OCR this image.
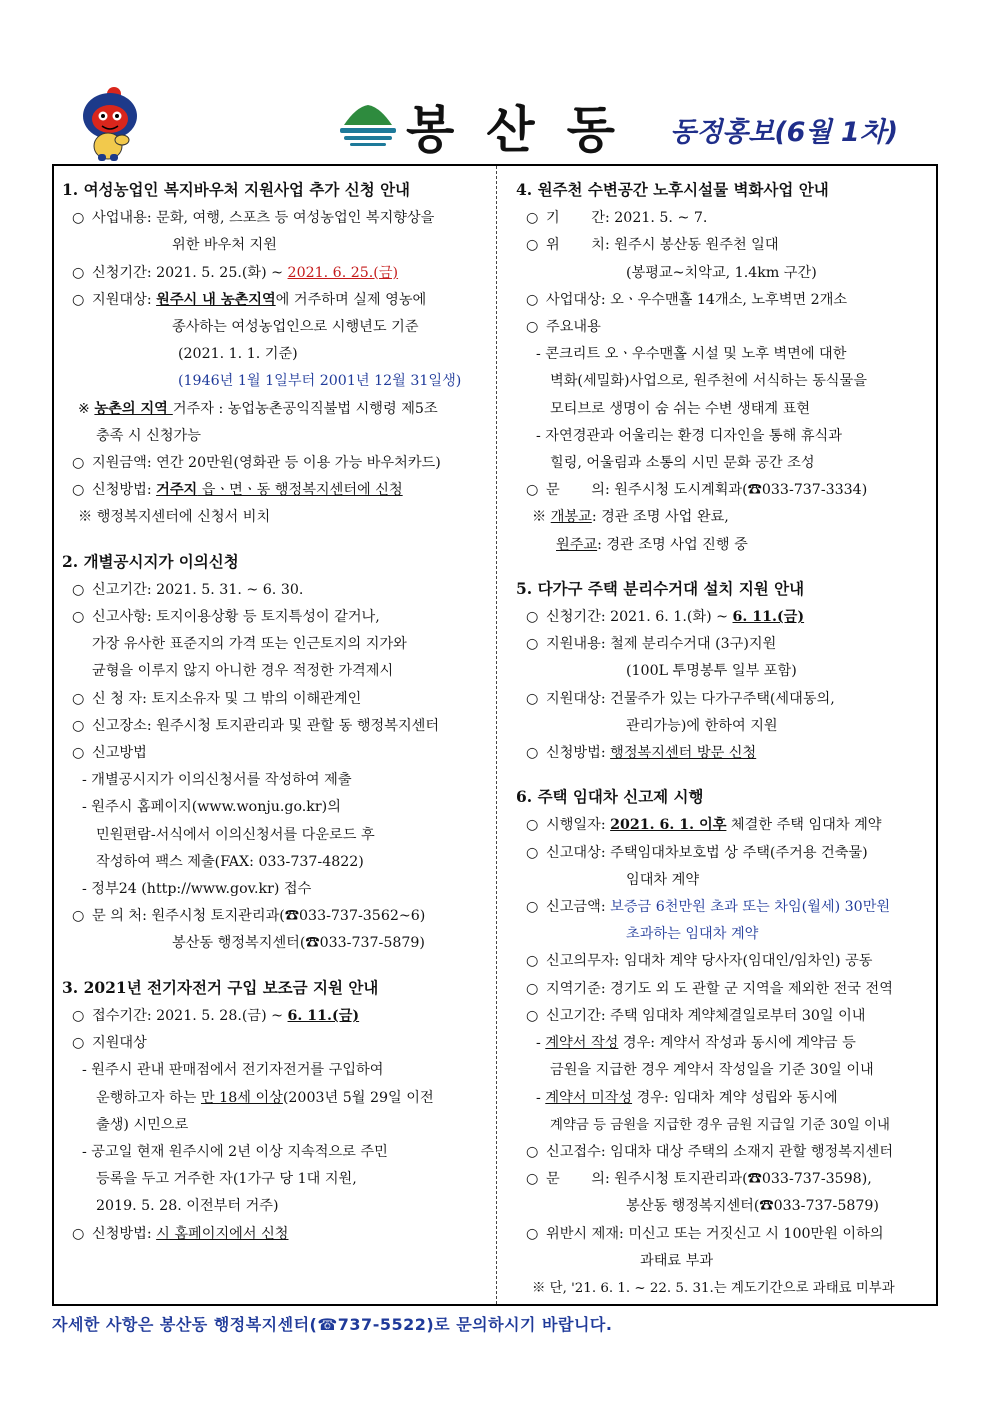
봉산동 동정홍보(6월 1차)
1. 여성농업인 복지바우처 지원사업 추가 신청 안내
○ 사업내용: 문화, 여행, 스포츠 등 여성농업인 복지향상을
위한 바우처 지원
○ 신청기간: 2021. 5. 25.(화) ~ 2021. 6. 25.(금)
○ 지원대상: 원주시 내 농촌지역에 거주하며 실제 영농에
종사하는 여성농업인으로 시행년도 기준
(2021. 1. 1. 기준)
(1946년 1월 1일부터 2001년 12월 31일생)
※ 농촌의 지역 거주자 : 농업농촌공익직불법 시행령 제5조
충족 시 신청가능
○ 지원금액: 연간 20만원(영화관 등 이용 가능 바우처카드)
○ 신청방법: 거주지 읍ㆍ면ㆍ동 행정복지센터에 신청
※ 행정복지센터에 신청서 비치
2. 개별공시지가 이의신청
○ 신고기간: 2021. 5. 31. ~ 6. 30.
○ 신고사항: 토지이용상황 등 토지특성이 같거나,
가장 유사한 표준지의 가격 또는 인근토지의 지가와
균형을 이루지 않지 아니한 경우 적정한 가격제시
○ 신 청 자: 토지소유자 및 그 밖의 이해관계인
○ 신고장소: 원주시청 토지관리과 및 관할 동 행정복지센터
○ 신고방법
- 개별공시지가 이의신청서를 작성하여 제출
- 원주시 홈페이지(www.wonju.go.kr)의
민원편람-서식에서 이의신청서를 다운로드 후
작성하여 팩스 제출(FAX: 033-737-4822)
- 정부24 (http://www.gov.kr) 접수
○ 문 의 처: 원주시청 토지관리과(☎033-737-3562~6)
봉산동 행정복지센터(☎033-737-5879)
3. 2021년 전기자전거 구입 보조금 지원 안내
○ 접수기간: 2021. 5. 28.(금) ~ 6. 11.(금)
○ 지원대상
- 원주시 관내 판매점에서 전기자전거를 구입하여
운행하고자 하는 만 18세 이상(2003년 5월 29일 이전
출생) 시민으로
- 공고일 현재 원주시에 2년 이상 지속적으로 주민
등록을 두고 거주한 자(1가구 당 1대 지원,
2019. 5. 28. 이전부터 거주)
○ 신청방법: 시 홈페이지에서 신청
4. 원주천 수변공간 노후시설물 벽화사업 안내
○ 기       간: 2021. 5. ~ 7.
○ 위       치: 원주시 봉산동 원주천 일대
(봉평교~치악교, 1.4km 구간)
○ 사업대상: 오ㆍ우수맨홀 14개소, 노후벽면 2개소
○ 주요내용
- 콘크리트 오ㆍ우수맨홀 시설 및 노후 벽면에 대한
벽화(세밀화)사업으로, 원주천에 서식하는 동식물을
모티브로 생명이 숨 쉬는 수변 생태계 표현
- 자연경관과 어울리는 환경 디자인을 통해 휴식과
힐링, 어울림과 소통의 시민 문화 공간 조성
○ 문       의: 원주시청 도시계획과(☎033-737-3334)
※ 개봉교: 경관 조명 사업 완료,
원주교: 경관 조명 사업 진행 중
5. 다가구 주택 분리수거대 설치 지원 안내
○ 신청기간: 2021. 6. 1.(화) ~ 6. 11.(금)
○ 지원내용: 철제 분리수거대 (3구)지원
(100L 투명봉투 일부 포함)
○ 지원대상: 건물주가 있는 다가구주택(세대동의,
관리가능)에 한하여 지원
○ 신청방법: 행정복지센터 방문 신청
6. 주택 임대차 신고제 시행
○ 시행일자: 2021. 6. 1. 이후 체결한 주택 임대차 계약
○ 신고대상: 주택임대차보호법 상 주택(주거용 건축물)
임대차 계약
○ 신고금액: 보증금 6천만원 초과 또는 차임(월세) 30만원
초과하는 임대차 계약
○ 신고의무자: 임대차 계약 당사자(임대인/임차인) 공동
○ 지역기준: 경기도 외 도 관할 군 지역을 제외한 전국 전역
○ 신고기간: 주택 임대차 계약체결일로부터 30일 이내
- 계약서 작성 경우: 계약서 작성과 동시에 계약금 등
금원을 지급한 경우 계약서 작성일을 기준 30일 이내
- 계약서 미작성 경우: 임대차 계약 성립와 동시에
계약금 등 금원을 지급한 경우 금원 지급일 기준 30일 이내
○ 신고접수: 임대차 대상 주택의 소재지 관할 행정복지센터
○ 문       의: 원주시청 토지관리과(☎033-737-3598),
봉산동 행정복지센터(☎033-737-5879)
○ 위반시 제재: 미신고 또는 거짓신고 시 100만원 이하의
과태료 부과
※ 단, '21. 6. 1. ~ 22. 5. 31.는 계도기간으로 과태료 미부과
자세한 사항은 봉산동 행정복지센터(☎737-5522)로 문의하시기 바랍니다.
